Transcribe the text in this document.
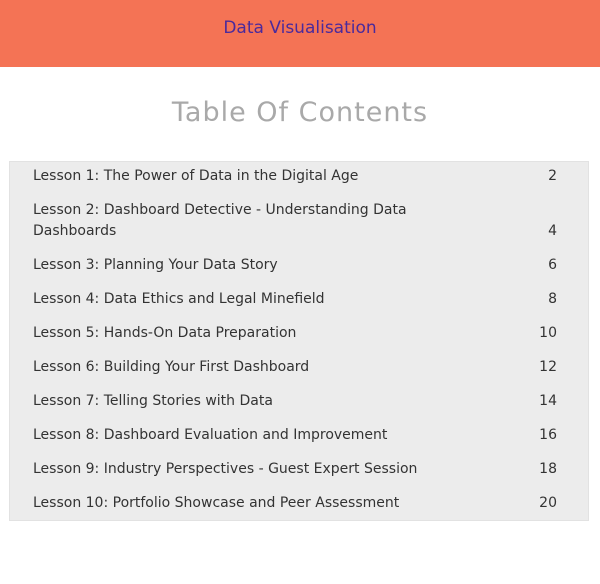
Data Visualisation
Table Of Contents
Lesson 1: The Power of Data in the Digital Age	2
Lesson 2: Dashboard Detective - Understanding Data Dashboards	4
Lesson 3: Planning Your Data Story	6
Lesson 4: Data Ethics and Legal Minefield	8
Lesson 5: Hands-On Data Preparation	10
Lesson 6: Building Your First Dashboard	12
Lesson 7: Telling Stories with Data	14
Lesson 8: Dashboard Evaluation and Improvement	16
Lesson 9: Industry Perspectives - Guest Expert Session	18
Lesson 10: Portfolio Showcase and Peer Assessment	20
